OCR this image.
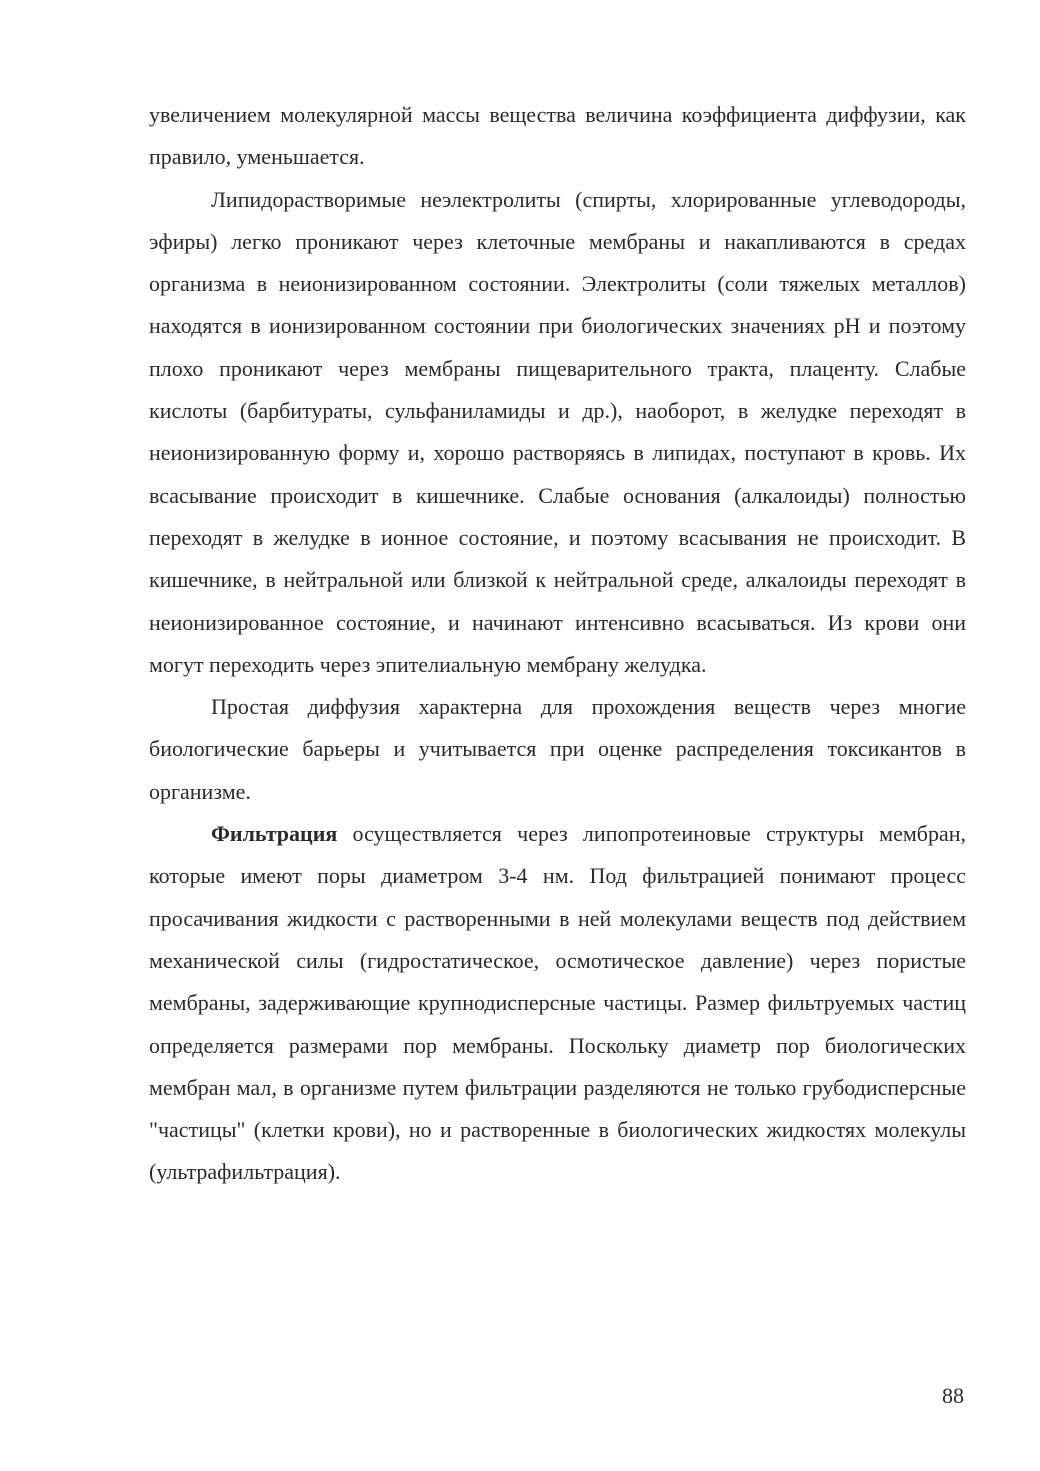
увеличением молекулярной массы вещества величина коэффициента диффузии, как правило, уменьшается.

Липидорастворимые неэлектролиты (спирты, хлорированные углеводороды, эфиры) легко проникают через клеточные мембраны и накапливаются в средах организма в неионизированном состоянии. Электролиты (соли тяжелых металлов) находятся в ионизированном состоянии при биологических значениях рН и поэтому плохо проникают через мембраны пищеварительного тракта, плаценту. Слабые кислоты (барбитураты, сульфаниламиды и др.), наоборот, в желудке переходят в неионизированную форму и, хорошо растворяясь в липидах, поступают в кровь. Их всасывание происходит в кишечнике. Слабые основания (алкалоиды) полностью переходят в желудке в ионное состояние, и поэтому всасывания не происходит. В кишечнике, в нейтральной или близкой к нейтральной среде, алкалоиды переходят в неионизированное состояние, и начинают интенсивно всасываться. Из крови они могут переходить через эпителиальную мембрану желудка.

Простая диффузия характерна для прохождения веществ через многие биологические барьеры и учитывается при оценке распределения токсикантов в организме.

Фильтрация осуществляется через липопротеиновые структуры мембран, которые имеют поры диаметром 3-4 нм. Под фильтрацией понимают процесс просачивания жидкости с растворенными в ней молекулами веществ под действием механической силы (гидростатическое, осмотическое давление) через пористые мембраны, задерживающие крупнодисперсные частицы. Размер фильтруемых частиц определяется размерами пор мембраны. Поскольку диаметр пор биологических мембран мал, в организме путем фильтрации разделяются не только грубодисперсные "частицы" (клетки крови), но и растворенные в биологических жидкостях молекулы (ультрафильтрация).

88
